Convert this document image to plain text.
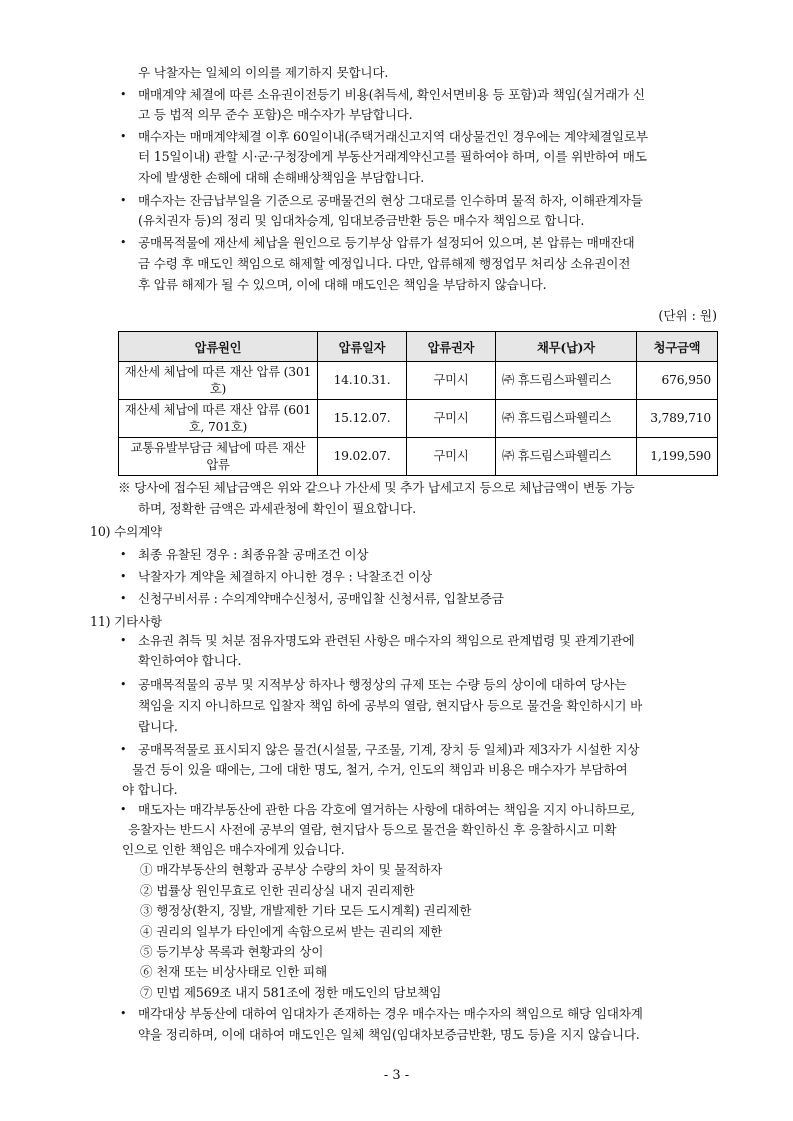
우 낙찰자는 일체의 이의를 제기하지 못합니다.
매매계약 체결에 따른 소유권이전등기 비용(취득세, 확인서면비용 등 포함)과 책임(실거래가 신
•
고 등 법적 의무 준수 포함)은 매수자가 부담합니다.
매수자는 매매계약체결 이후 60일이내(주택거래신고지역 대상물건인 경우에는 계약체결일로부
•
터 15일이내) 관할 시·군·구청장에게 부동산거래계약신고를 필하여야 하며, 이를 위반하여 매도
자에 발생한 손해에 대해 손해배상책임을 부담합니다.
매수자는 잔금납부일을 기준으로 공매물건의 현상 그대로를 인수하며 물적 하자, 이해관계자들
•
(유치권자 등)의 정리 및 임대차승계, 임대보증금반환 등은 매수자 책임으로 합니다.
공매목적물에 재산세 체납을 원인으로 등기부상 압류가 설정되어 있으며, 본 압류는 매매잔대
•
금 수령 후 매도인 책임으로 해제할 예정입니다. 다만, 압류해제 행정업무 처리상 소유권이전
후 압류 해제가 될 수 있으며, 이에 대해 매도인은 책임을 부담하지 않습니다.
※ 당사에 접수된 체납금액은 위와 같으나 가산세 및 추가 납세고지 등으로 체납금액이 변동 가능
하며, 정확한 금액은 과세관청에 확인이 필요합니다.
10) 수의계약
최종 유찰된 경우 : 최종유찰 공매조건 이상
•
낙찰자가 계약을 체결하지 아니한 경우 : 낙찰조건 이상
•
신청구비서류 : 수의계약매수신청서, 공매입찰 신청서류, 입찰보증금
•
11) 기타사항
소유권 취득 및 처분 점유자명도와 관련된 사항은 매수자의 책임으로 관계법령 및 관계기관에
•
확인하여야 합니다.
공매목적물의 공부 및 지적부상 하자나 행정상의 규제 또는 수량 등의 상이에 대하여 당사는
•
책임을 지지 아니하므로 입찰자 책임 하에 공부의 열람, 현지답사 등으로 물건을 확인하시기 바
랍니다.
공매목적물로 표시되지 않은 물건(시설물, 구조물, 기계, 장치 등 일체)과 제3자가 시설한 지상
•
물건 등이 있을 때에는, 그에 대한 명도, 철거, 수거, 인도의 책임과 비용은 매수자가 부담하여
야 합니다.
매도자는 매각부동산에 관한 다음 각호에 열거하는 사항에 대하여는 책임을 지지 아니하므로,
•
응찰자는 반드시 사전에 공부의 열람, 현지답사 등으로 물건을 확인하신 후 응찰하시고 미확
인으로 인한 책임은 매수자에게 있습니다.
① 매각부동산의 현황과 공부상 수량의 차이 및 물적하자
② 법률상 원인무효로 인한 권리상실 내지 권리제한
③ 행정상(환지, 징발, 개발제한 기타 모든 도시계획) 권리제한
④ 권리의 일부가 타인에게 속함으로써 받는 권리의 제한
⑤ 등기부상 목록과 현황과의 상이
⑥ 천재 또는 비상사태로 인한 피해
⑦ 민법 제569조 내지 581조에 정한 매도인의 담보책임
매각대상 부동산에 대하여 임대차가 존재하는 경우 매수자는 매수자의 책임으로 해당 임대차계
•
약을 정리하며, 이에 대하여 매도인은 일체 책임(임대차보증금반환, 명도 등)을 지지 않습니다.
(단위 : 원)
압류원인	압류일자	압류권자	채무(납)자	청구금액
재산세 체납에 따른 재산 압류 (301호)	14.10.31.	구미시	㈜ 휴드림스파웰리스	676,950
재산세 체납에 따른 재산 압류 (601호, 701호)	15.12.07.	구미시	㈜ 휴드림스파웰리스	3,789,710
교통유발부담금 체납에 따른 재산 압류	19.02.07.	구미시	㈜ 휴드림스파웰리스	1,199,590
- 3 -
